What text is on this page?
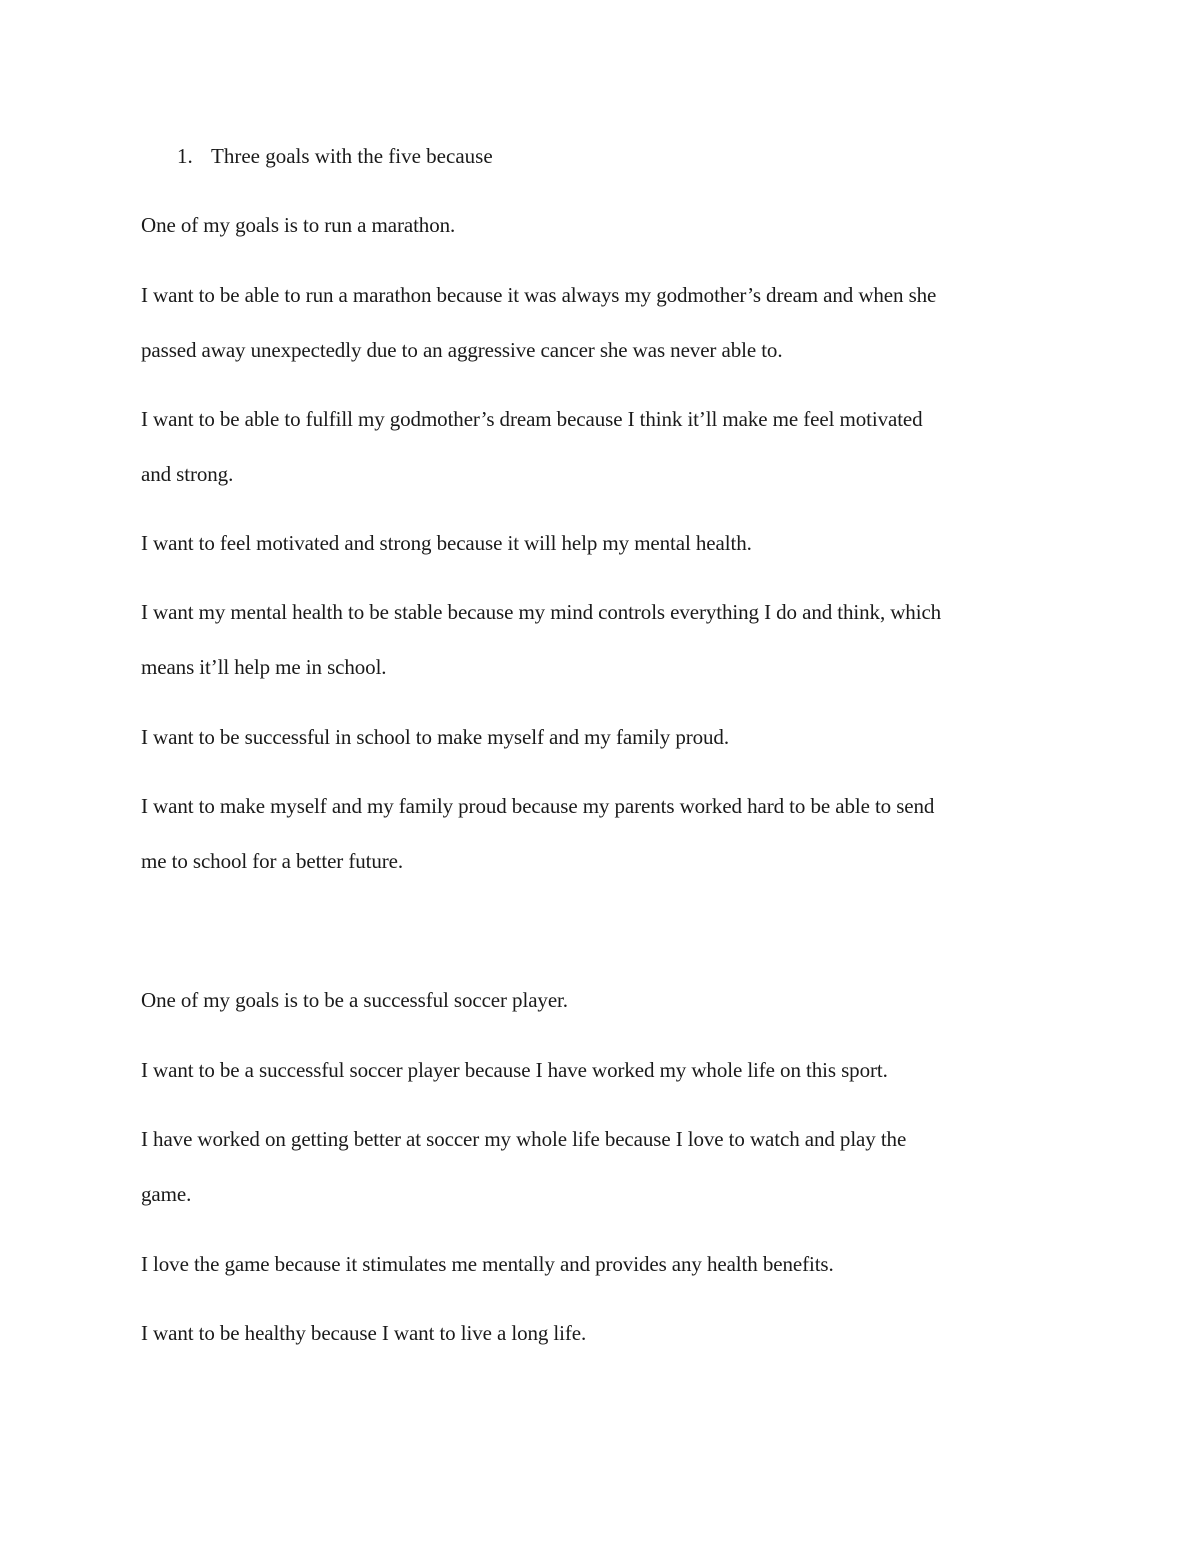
1. Three goals with the five because
One of my goals is to run a marathon.
I want to be able to run a marathon because it was always my godmother’s dream and when she
passed away unexpectedly due to an aggressive cancer she was never able to.
I want to be able to fulfill my godmother’s dream because I think it’ll make me feel motivated
and strong.
I want to feel motivated and strong because it will help my mental health.
I want my mental health to be stable because my mind controls everything I do and think, which
means it’ll help me in school.
I want to be successful in school to make myself and my family proud.
I want to make myself and my family proud because my parents worked hard to be able to send
me to school for a better future.
One of my goals is to be a successful soccer player.
I want to be a successful soccer player because I have worked my whole life on this sport.
I have worked on getting better at soccer my whole life because I love to watch and play the
game.
I love the game because it stimulates me mentally and provides any health benefits.
I want to be healthy because I want to live a long life.
